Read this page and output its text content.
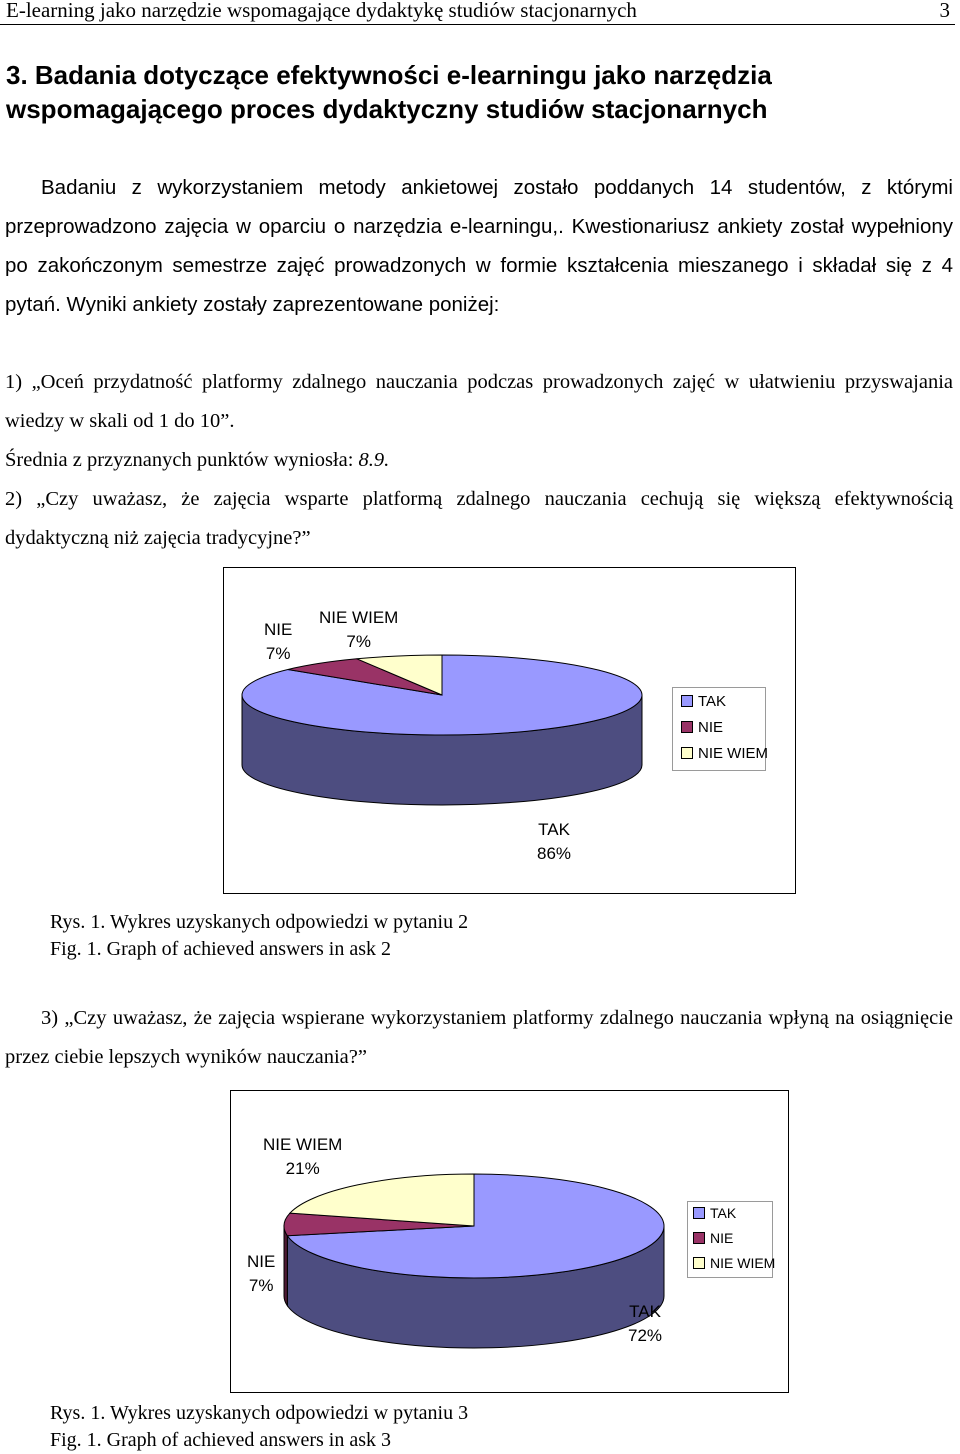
E-learning jako narzędzie wspomagające dydaktykę studiów stacjonarnych	3
3. Badania dotyczące efektywności e-learningu jako narzędzia wspomagającego proces dydaktyczny studiów stacjonarnych

Badaniu z wykorzystaniem metody ankietowej zostało poddanych 14 studentów, z którymi przeprowadzono zajęcia w oparciu o narzędzia e-learningu,. Kwestionariusz ankiety został wypełniony po zakończonym semestrze zajęć prowadzonych w formie kształcenia mieszanego i składał się z 4 pytań. Wyniki ankiety zostały zaprezentowane poniżej:

1) „Oceń przydatność platformy zdalnego nauczania podczas prowadzonych zajęć w ułatwieniu przyswajania wiedzy w skali od 1 do 10”.

Średnia z przyznanych punktów wyniosła: 8.9.

2) „Czy uważasz, że zajęcia wsparte platformą zdalnego nauczania cechują się większą efektywnością dydaktyczną niż zajęcia tradycyjne?”

NIE
7%
NIE WIEM
7%
TAK
86%
TAK
NIE
NIE WIEM
Rys. 1. Wykres uzyskanych odpowiedzi w pytaniu 2
Fig. 1. Graph of achieved answers in ask 2

3) „Czy uważasz, że zajęcia wspierane wykorzystaniem platformy zdalnego nauczania wpłyną na osiągnięcie przez ciebie lepszych wyników nauczania?”

NIE WIEM
21%
NIE
7%
TAK
72%
TAK
NIE
NIE WIEM
Rys. 1. Wykres uzyskanych odpowiedzi w pytaniu 3
Fig. 1. Graph of achieved answers in ask 3
